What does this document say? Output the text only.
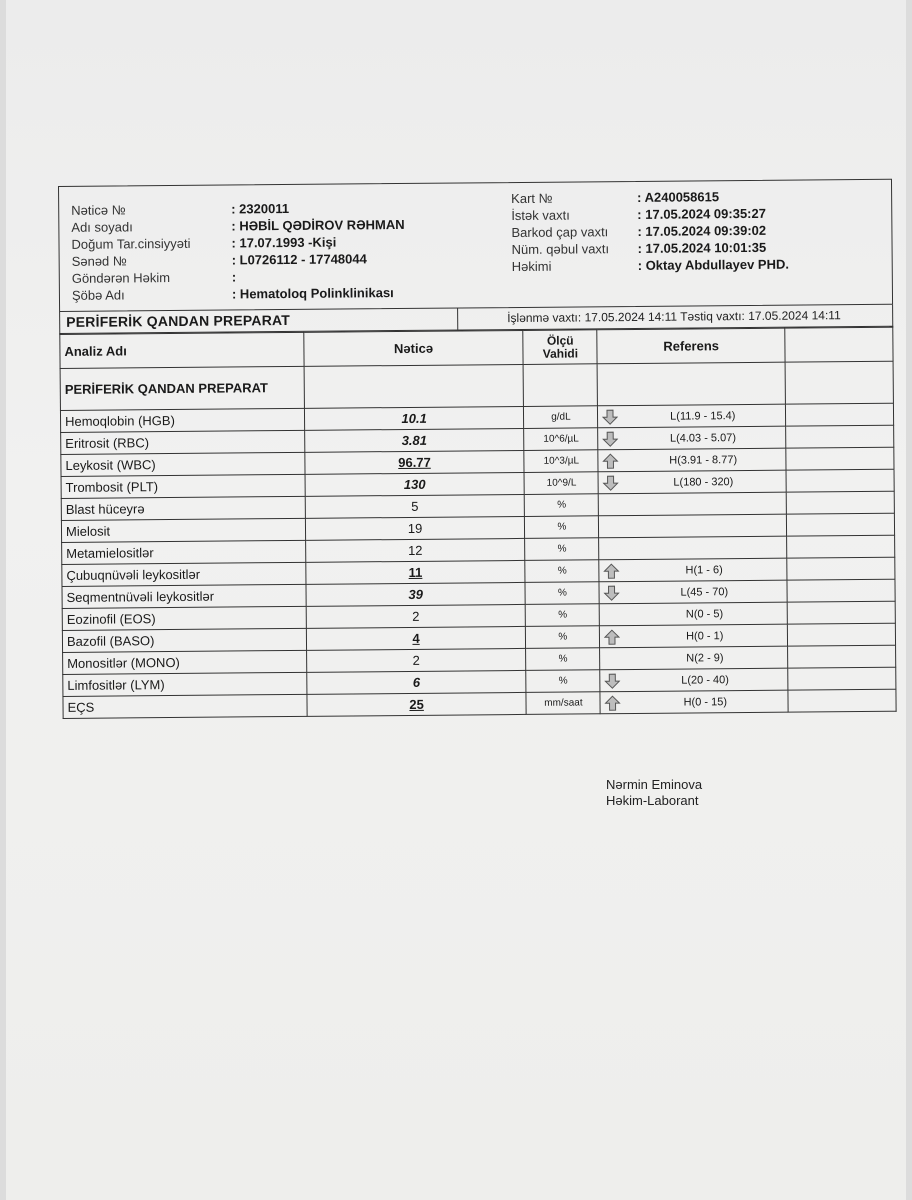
Nəticə №	: 2320011
Adı soyadı	: HƏBİL QƏDİROV RƏHMAN
Doğum Tar.cinsiyyəti	: 17.07.1993 -Kişi
Sənəd №	: L0726112 - 17748044
Göndərən Həkim	:
Şöbə Adı	: Hematoloq Polinklinikası
Kart №	: A240058615
İstək vaxtı	: 17.05.2024 09:35:27
Barkod çap vaxtı	: 17.05.2024 09:39:02
Nüm. qəbul vaxtı	: 17.05.2024 10:01:35
Həkimi	: Oktay Abdullayev PHD.
PERİFERİK QANDAN PREPARAT	İşlənmə vaxtı: 17.05.2024 14:11 Təstiq vaxtı: 17.05.2024 14:11
Analiz Adı	Nəticə	Ölçü Vahidi	Referens	
PERİFERİK QANDAN PREPARAT				
Hemoqlobin (HGB)	10.1	g/dL	L(11.9 - 15.4)	

Eritrosit (RBC)	3.81	10^6/µL	L(4.03 - 5.07)	

Leykosit (WBC)	96.77	10^3/µL	H(3.91 - 8.77)	

Trombosit (PLT)	130	10^9/L	L(180 - 320)	

Blast hüceyrə	5	%	

Mielosit	19	%	

Metamielositlər	12	%	

Çubuqnüvəli leykositlər	11	%	H(1 - 6)	

Seqmentnüvəli leykositlər	39	%	L(45 - 70)	

Eozinofil (EOS)	2	%	N(0 - 5)	

Bazofil (BASO)	4	%	H(0 - 1)	

Monositlər (MONO)	2	%	N(2 - 9)	

Limfositlər (LYM)	6	%	L(20 - 40)	

EÇS	25	mm/saat	H(0 - 15)	

Nərmin Eminova
Həkim-Laborant
